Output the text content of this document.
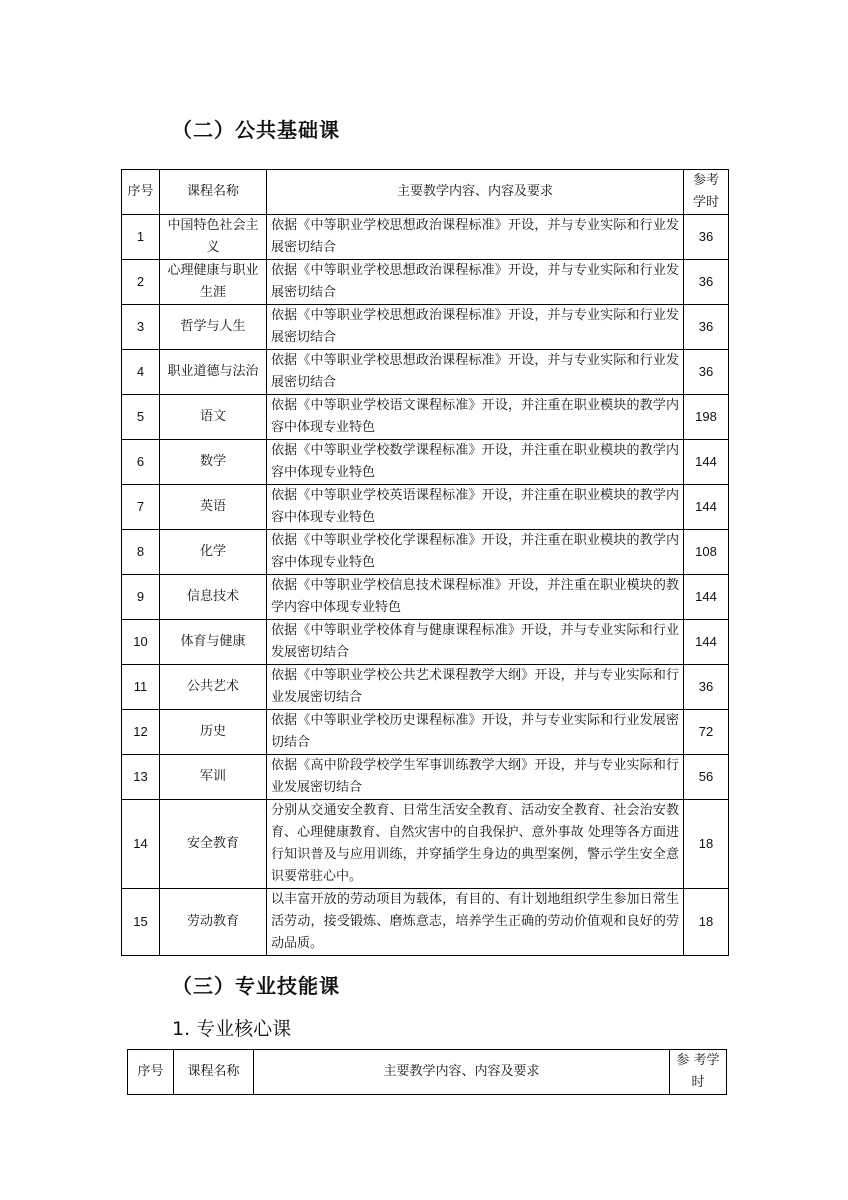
（二）公共基础课
序号	课程名称	主要教学内容、内容及要求	参考学时
1	中国特色社会主义	依据《中等职业学校思想政治课程标准》开设，并与专业实际和行业发展密切结合	36
2	心理健康与职业生涯	依据《中等职业学校思想政治课程标准》开设，并与专业实际和行业发展密切结合	36
3	哲学与人生	依据《中等职业学校思想政治课程标准》开设，并与专业实际和行业发展密切结合	36
4	职业道德与法治	依据《中等职业学校思想政治课程标准》开设，并与专业实际和行业发展密切结合	36
5	语文	依据《中等职业学校语文课程标准》开设，并注重在职业模块的教学内容中体现专业特色	198
6	数学	依据《中等职业学校数学课程标准》开设，并注重在职业模块的教学内容中体现专业特色	144
7	英语	依据《中等职业学校英语课程标准》开设，并注重在职业模块的教学内容中体现专业特色	144
8	化学	依据《中等职业学校化学课程标准》开设，并注重在职业模块的教学内容中体现专业特色	108
9	信息技术	依据《中等职业学校信息技术课程标准》开设，并注重在职业模块的教学内容中体现专业特色	144
10	体育与健康	依据《中等职业学校体育与健康课程标准》开设，并与专业实际和行业发展密切结合	144
11	公共艺术	依据《中等职业学校公共艺术课程教学大纲》开设，并与专业实际和行业发展密切结合	36
12	历史	依据《中等职业学校历史课程标准》开设，并与专业实际和行业发展密切结合	72
13	军训	依据《高中阶段学校学生军事训练教学大纲》开设，并与专业实际和行业发展密切结合	56
14	安全教育	分别从交通安全教育、日常生活安全教育、活动安全教育、社会治安教育、心理健康教育、自然灾害中的自我保护、意外事故 处理等各方面进行知识普及与应用训练，并穿插学生身边的典型案例，警示学生安全意识要常驻心中。	18
15	劳动教育	以丰富开放的劳动项目为载体，有目的、有计划地组织学生参加日常生活劳动，接受锻炼、磨炼意志，培养学生正确的劳动价值观和良好的劳动品质。	18
（三）专业技能课
1. 专业核心课
序号	课程名称	主要教学内容、内容及要求	参 考学时
